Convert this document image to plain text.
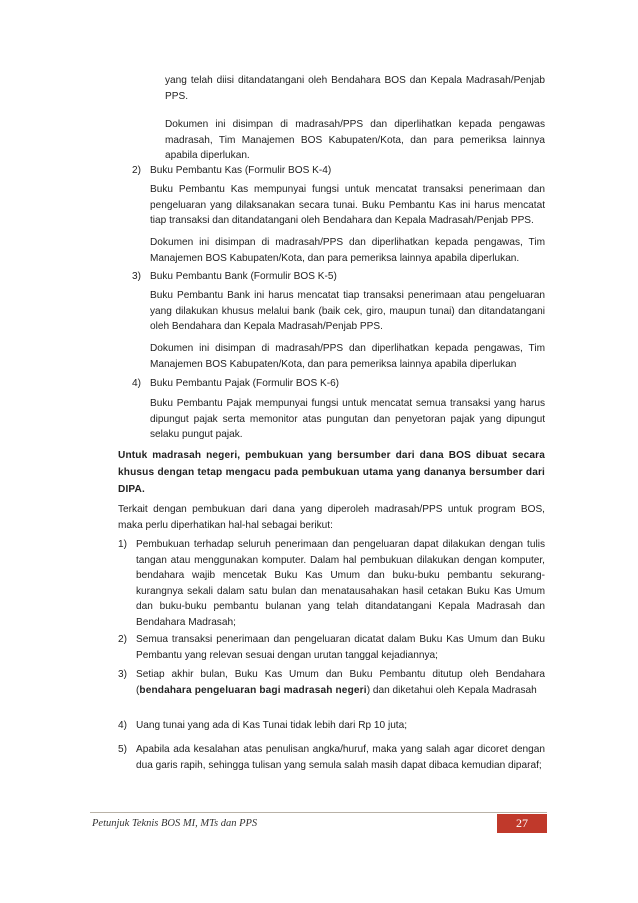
yang telah diisi ditandatangani oleh Bendahara BOS dan Kepala Madrasah/Penjab PPS.

Dokumen ini disimpan di madrasah/PPS dan diperlihatkan kepada pengawas madrasah, Tim Manajemen BOS Kabupaten/Kota, dan para pemeriksa lainnya apabila diperlukan.

2) Buku Pembantu Kas (Formulir BOS K-4)

Buku Pembantu Kas mempunyai fungsi untuk mencatat transaksi penerimaan dan pengeluaran yang dilaksanakan secara tunai. Buku Pembantu Kas ini harus mencatat tiap transaksi dan ditandatangani oleh Bendahara dan Kepala Madrasah/Penjab PPS.

Dokumen ini disimpan di madrasah/PPS dan diperlihatkan kepada pengawas, Tim Manajemen BOS Kabupaten/Kota, dan para pemeriksa lainnya apabila diperlukan.

3) Buku Pembantu Bank (Formulir BOS K-5)

Buku Pembantu Bank ini harus mencatat tiap transaksi penerimaan atau pengeluaran yang dilakukan khusus melalui bank (baik cek, giro, maupun tunai) dan ditandatangani oleh Bendahara dan Kepala Madrasah/Penjab PPS.

Dokumen ini disimpan di madrasah/PPS dan diperlihatkan kepada pengawas, Tim Manajemen BOS Kabupaten/Kota, dan para pemeriksa lainnya apabila diperlukan

4) Buku Pembantu Pajak (Formulir BOS K-6)

Buku Pembantu Pajak mempunyai fungsi untuk mencatat semua transaksi yang harus dipungut pajak serta memonitor atas pungutan dan penyetoran pajak yang dipungut selaku pungut pajak.

Untuk madrasah negeri, pembukuan yang bersumber dari dana BOS dibuat secara khusus dengan tetap mengacu pada pembukuan utama yang dananya bersumber dari DIPA.

Terkait dengan pembukuan dari dana yang diperoleh madrasah/PPS untuk program BOS, maka perlu diperhatikan hal-hal sebagai berikut:

1) Pembukuan terhadap seluruh penerimaan dan pengeluaran dapat dilakukan dengan tulis tangan atau menggunakan komputer. Dalam hal pembukuan dilakukan dengan komputer, bendahara wajib mencetak Buku Kas Umum dan buku-buku pembantu sekurang-kurangnya sekali dalam satu bulan dan menatausahakan hasil cetakan Buku Kas Umum dan buku-buku pembantu bulanan yang telah ditandatangani Kepala Madrasah dan Bendahara Madrasah;

2) Semua transaksi penerimaan dan pengeluaran dicatat dalam Buku Kas Umum dan Buku Pembantu yang relevan sesuai dengan urutan tanggal kejadiannya;

3) Setiap akhir bulan, Buku Kas Umum dan Buku Pembantu ditutup oleh Bendahara (bendahara pengeluaran bagi madrasah negeri) dan diketahui oleh Kepala Madrasah

4) Uang tunai yang ada di Kas Tunai tidak lebih dari Rp 10 juta;

5) Apabila ada kesalahan atas penulisan angka/huruf, maka yang salah agar dicoret dengan dua garis rapih, sehingga tulisan yang semula salah masih dapat dibaca kemudian diparaf;

Petunjuk Teknis BOS MI, MTs dan PPS	27
